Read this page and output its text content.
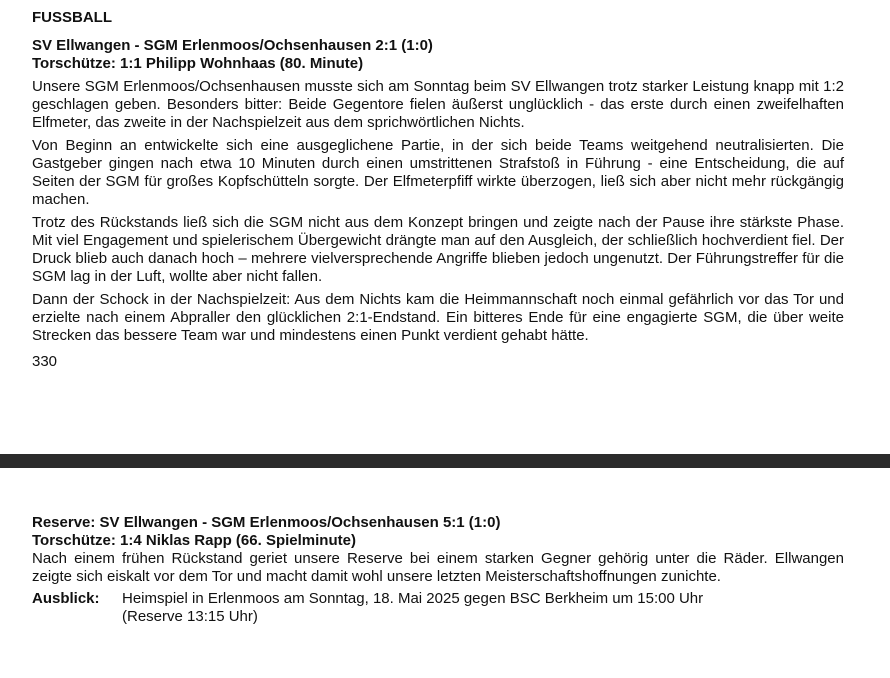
FUSSBALL
SV Ellwangen - SGM Erlenmoos/Ochsenhausen 2:1 (1:0)
Torschütze: 1:1 Philipp Wohnhaas (80. Minute)

Unsere SGM Erlenmoos/Ochsenhausen musste sich am Sonntag beim SV Ellwangen trotz starker Leistung knapp mit 1:2 geschlagen geben. Besonders bitter: Beide Gegentore fielen äußerst unglücklich - das erste durch einen zweifelhaften Elfmeter, das zweite in der Nachspielzeit aus dem sprichwörtlichen Nichts.

Von Beginn an entwickelte sich eine ausgeglichene Partie, in der sich beide Teams weitgehend neutralisierten. Die Gastgeber gingen nach etwa 10 Minuten durch einen umstrittenen Strafstoß in Führung - eine Entscheidung, die auf Seiten der SGM für großes Kopfschütteln sorgte. Der Elfmeterpfiff wirkte überzogen, ließ sich aber nicht mehr rückgängig machen.

Trotz des Rückstands ließ sich die SGM nicht aus dem Konzept bringen und zeigte nach der Pause ihre stärkste Phase. Mit viel Engagement und spielerischem Übergewicht drängte man auf den Ausgleich, der schließlich hochverdient fiel. Der Druck blieb auch danach hoch – mehrere vielversprechende Angriffe blieben jedoch ungenutzt. Der Führungstreffer für die SGM lag in der Luft, wollte aber nicht fallen.

Dann der Schock in der Nachspielzeit: Aus dem Nichts kam die Heimmannschaft noch einmal gefährlich vor das Tor und erzielte nach einem Abpraller den glücklichen 2:1-Endstand. Ein bitteres Ende für eine engagierte SGM, die über weite Strecken das bessere Team war und mindestens einen Punkt verdient gehabt hätte.

330
Reserve: SV Ellwangen - SGM Erlenmoos/Ochsenhausen 5:1 (1:0)
Torschütze: 1:4 Niklas Rapp (66. Spielminute)

Nach einem frühen Rückstand geriet unsere Reserve bei einem starken Gegner gehörig unter die Räder. Ellwangen zeigte sich eiskalt vor dem Tor und macht damit wohl unsere letzten Meisterschaftshoffnungen zunichte.

Ausblick:	Heimspiel in Erlenmoos am Sonntag, 18. Mai 2025 gegen BSC Berkheim um 15:00 Uhr
(Reserve 13:15 Uhr)
